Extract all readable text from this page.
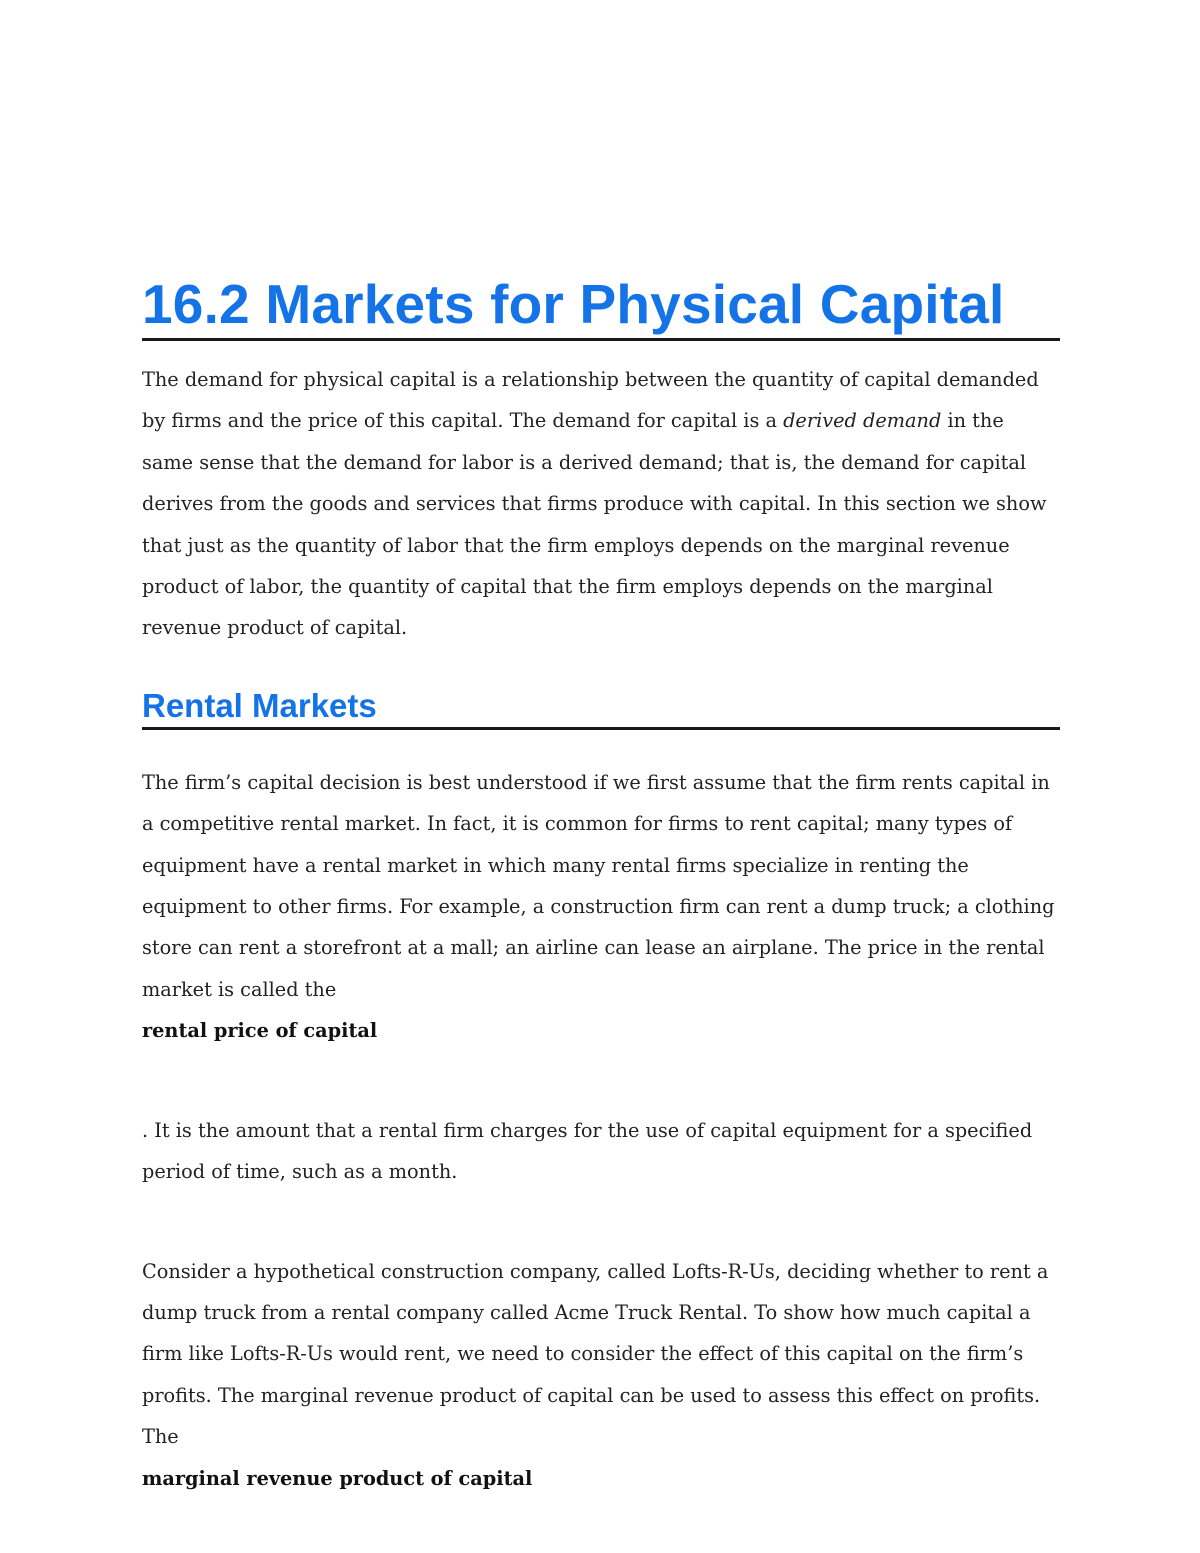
16.2 Markets for Physical Capital

The demand for physical capital is a relationship between the quantity of capital demanded by firms and the price of this capital. The demand for capital is a derived demand in the same sense that the demand for labor is a derived demand; that is, the demand for capital derives from the goods and services that firms produce with capital. In this section we show that just as the quantity of labor that the firm employs depends on the marginal revenue product of labor, the quantity of capital that the firm employs depends on the marginal revenue product of capital.

Rental Markets

The firm’s capital decision is best understood if we first assume that the firm rents capital in a competitive rental market. In fact, it is common for firms to rent capital; many types of equipment have a rental market in which many rental firms specialize in renting the equipment to other firms. For example, a construction firm can rent a dump truck; a clothing store can rent a storefront at a mall; an airline can lease an airplane. The price in the rental market is called the

rental price of capital

. It is the amount that a rental firm charges for the use of capital equipment for a specified period of time, such as a month.

Consider a hypothetical construction company, called Lofts-R-Us, deciding whether to rent a dump truck from a rental company called Acme Truck Rental. To show how much capital a firm like Lofts-R-Us would rent, we need to consider the effect of this capital on the firm’s profits. The marginal revenue product of capital can be used to assess this effect on profits. The

marginal revenue product of capital
